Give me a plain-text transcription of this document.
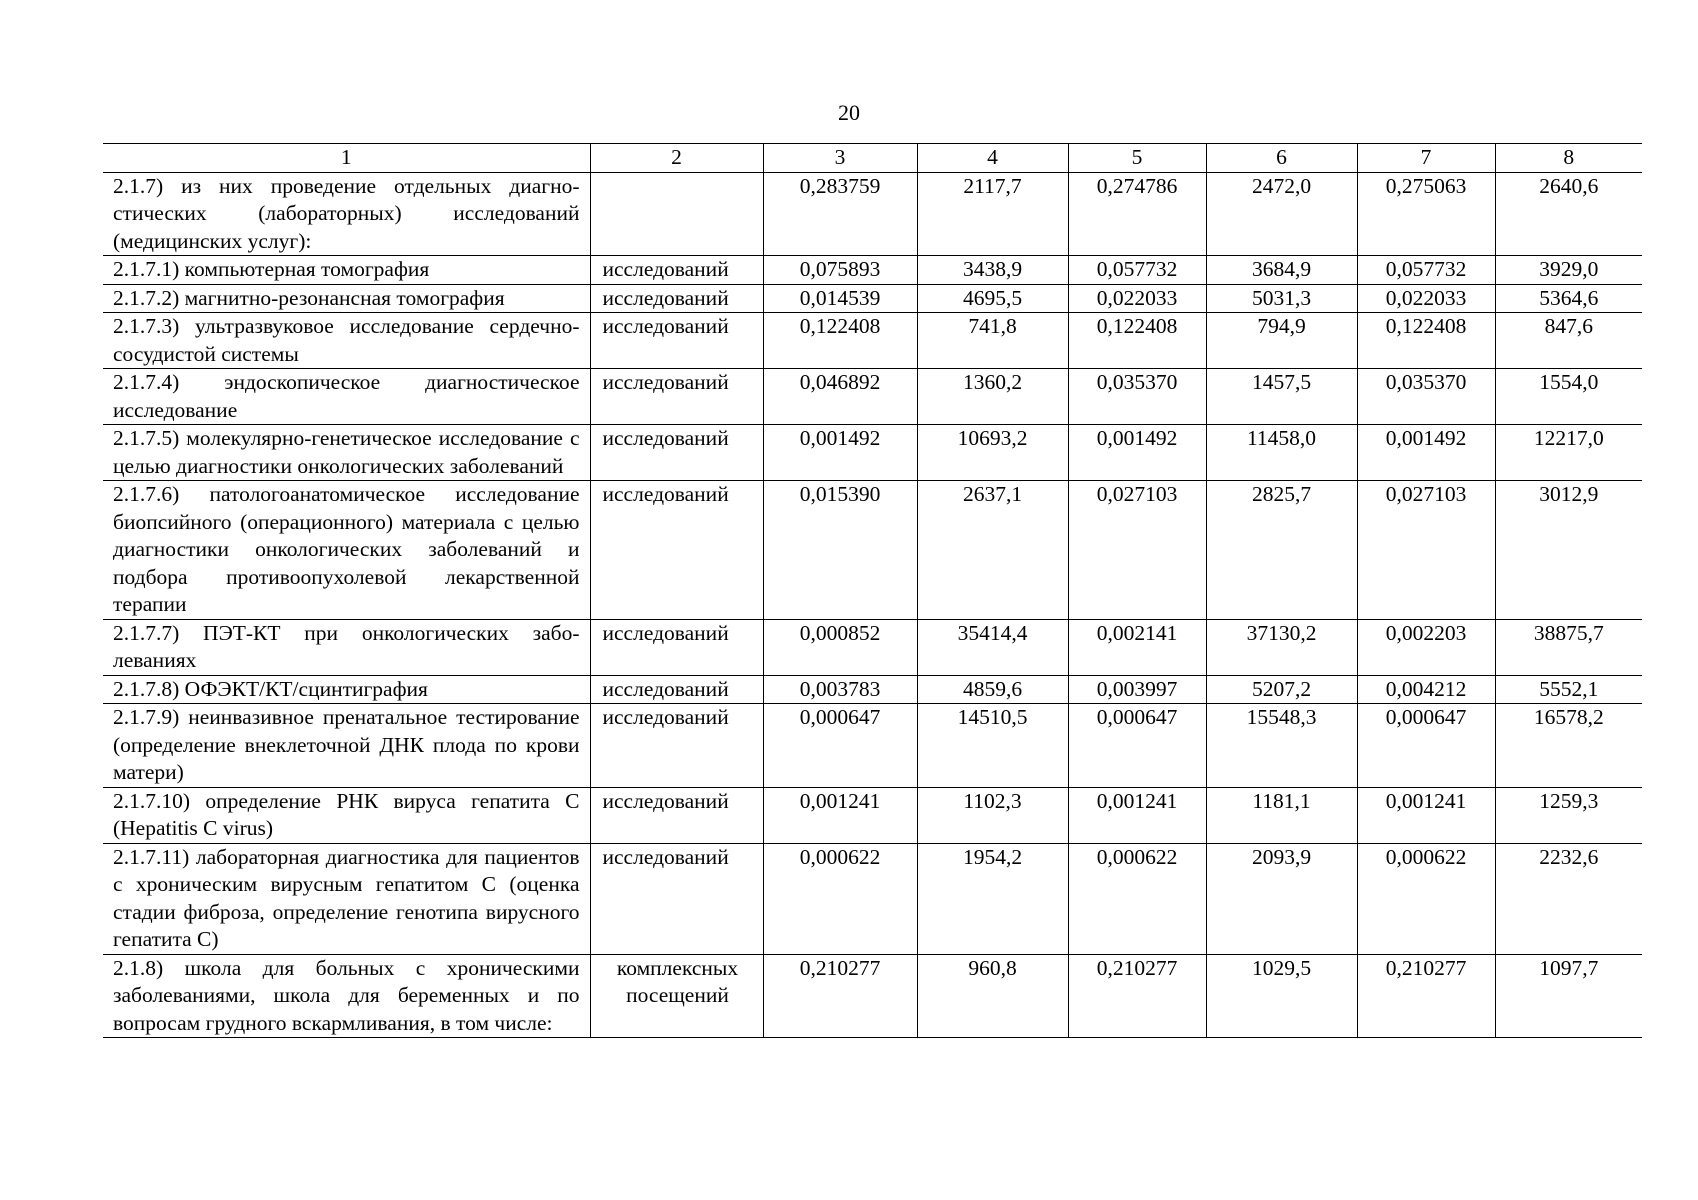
20
1	2	3	4	5	6	7	8
2.1.7) из них проведение отдельных диагностических (лабораторных) исследований (медицинских услуг):		0,283759	2117,7	0,274786	2472,0	0,275063	2640,6
2.1.7.1) компьютерная томография	исследований	0,075893	3438,9	0,057732	3684,9	0,057732	3929,0
2.1.7.2) магнитно-резонансная томография	исследований	0,014539	4695,5	0,022033	5031,3	0,022033	5364,6
2.1.7.3) ультразвуковое исследование сердечно-сосудистой системы	исследований	0,122408	741,8	0,122408	794,9	0,122408	847,6
2.1.7.4) эндоскопическое диагностическое исследование	исследований	0,046892	1360,2	0,035370	1457,5	0,035370	1554,0
2.1.7.5) молекулярно-генетическое исследование с целью диагностики онкологических заболеваний	исследований	0,001492	10693,2	0,001492	11458,0	0,001492	12217,0
2.1.7.6) патологоанатомическое исследование биопсийного (операционного) материала с целью диагностики онкологических заболеваний и подбора противоопухолевой лекарственной терапии	исследований	0,015390	2637,1	0,027103	2825,7	0,027103	3012,9
2.1.7.7) ПЭТ-КТ при онкологических заболеваниях	исследований	0,000852	35414,4	0,002141	37130,2	0,002203	38875,7
2.1.7.8) ОФЭКТ/КТ/сцинтиграфия	исследований	0,003783	4859,6	0,003997	5207,2	0,004212	5552,1
2.1.7.9) неинвазивное пренатальное тестирование (определение внеклеточной ДНК плода по крови матери)	исследований	0,000647	14510,5	0,000647	15548,3	0,000647	16578,2
2.1.7.10) определение РНК вируса гепатита C (Hepatitis C virus)	исследований	0,001241	1102,3	0,001241	1181,1	0,001241	1259,3
2.1.7.11) лабораторная диагностика для пациентов с хроническим вирусным гепатитом C (оценка стадии фиброза, определение генотипа вирусного гепатита C)	исследований	0,000622	1954,2	0,000622	2093,9	0,000622	2232,6
2.1.8) школа для больных с хроническими заболеваниями, школа для беременных и по вопросам грудного вскармливания, в том числе:	комплексных посещений	0,210277	960,8	0,210277	1029,5	0,210277	1097,7
